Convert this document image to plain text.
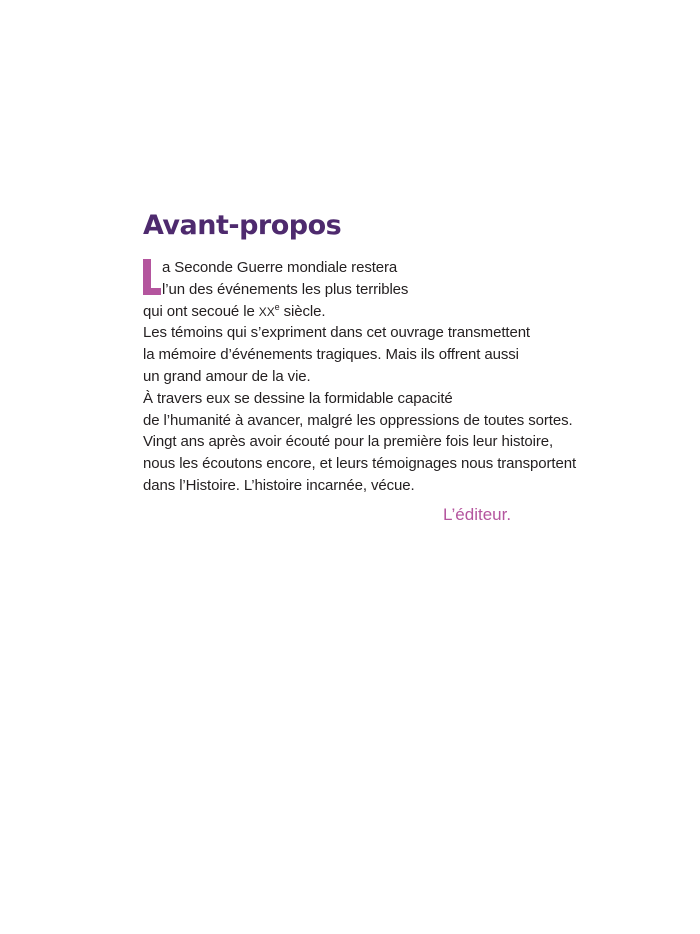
Avant-propos
a Seconde Guerre mondiale restera
l’un des événements les plus terribles
qui ont secoué le XXe siècle.
Les témoins qui s’expriment dans cet ouvrage transmettent
la mémoire d’événements tragiques. Mais ils offrent aussi
un grand amour de la vie.
À travers eux se dessine la formidable capacité
de l’humanité à avancer, malgré les oppressions de toutes sortes.
Vingt ans après avoir écouté pour la première fois leur histoire,
nous les écoutons encore, et leurs témoignages nous transportent
dans l’Histoire. L’histoire incarnée, vécue.
L’éditeur.
